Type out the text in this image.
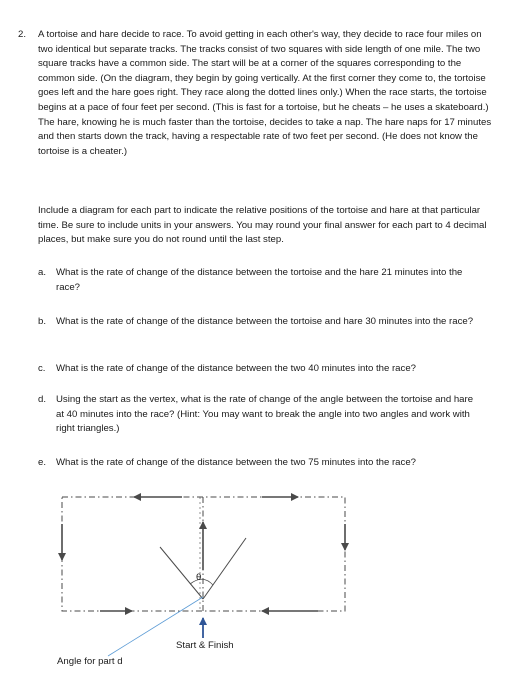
2. A tortoise and hare decide to race. To avoid getting in each other's way, they decide to race four miles on two identical but separate tracks. The tracks consist of two squares with side length of one mile. The two square tracks have a common side. The start will be at a corner of the squares corresponding to the common side. (On the diagram, they begin by going vertically. At the first corner they come to, the tortoise goes left and the hare goes right. They race along the dotted lines only.) When the race starts, the tortoise begins at a pace of four feet per second. (This is fast for a tortoise, but he cheats – he uses a skateboard.) The hare, knowing he is much faster than the tortoise, decides to take a nap. The hare naps for 17 minutes and then starts down the track, having a respectable rate of two feet per second. (He does not know the tortoise is a cheater.)

Include a diagram for each part to indicate the relative positions of the tortoise and hare at that particular time. Be sure to include units in your answers. You may round your final answer for each part to 4 decimal places, but make sure you do not round until the last step.

a. What is the rate of change of the distance between the tortoise and the hare 21 minutes into the race?
b. What is the rate of change of the distance between the tortoise and hare 30 minutes into the race?
c. What is the rate of change of the distance between the two 40 minutes into the race?
d. Using the start as the vertex, what is the rate of change of the angle between the tortoise and hare at 40 minutes into the race? (Hint: You may want to break the angle into two angles and work with right triangles.)
e. What is the rate of change of the distance between the two 75 minutes into the race?
θ
Start & Finish
Angle for part d
